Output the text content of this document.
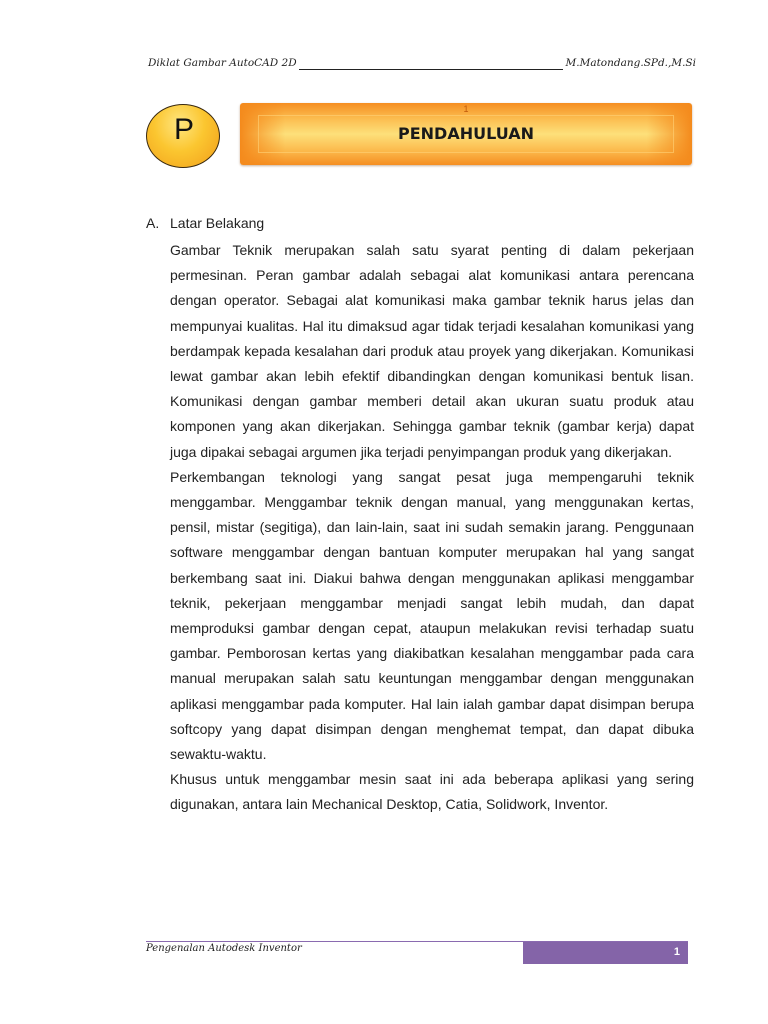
Diklat Gambar AutoCAD 2D	M.Matondang.SPd.,M.Si
P
1
PENDAHULUAN
A. Latar Belakang

Gambar Teknik merupakan salah satu syarat penting di dalam pekerjaan permesinan. Peran gambar adalah sebagai alat komunikasi antara perencana dengan operator. Sebagai alat komunikasi maka gambar teknik harus jelas dan mempunyai kualitas. Hal itu dimaksud agar tidak terjadi kesalahan komunikasi yang berdampak kepada kesalahan dari produk atau proyek yang dikerjakan. Komunikasi lewat gambar akan lebih efektif dibandingkan dengan komunikasi bentuk lisan. Komunikasi dengan gambar memberi detail akan ukuran suatu produk atau komponen yang akan dikerjakan. Sehingga gambar teknik (gambar kerja) dapat juga dipakai sebagai argumen jika terjadi penyimpangan produk yang dikerjakan.

Perkembangan teknologi yang sangat pesat juga mempengaruhi teknik menggambar. Menggambar teknik dengan manual, yang menggunakan kertas, pensil, mistar (segitiga), dan lain-lain, saat ini sudah semakin jarang. Penggunaan software menggambar dengan bantuan komputer merupakan hal yang sangat berkembang saat ini. Diakui bahwa dengan menggunakan aplikasi menggambar teknik, pekerjaan menggambar menjadi sangat lebih mudah, dan dapat memproduksi gambar dengan cepat, ataupun melakukan revisi terhadap suatu gambar. Pemborosan kertas yang diakibatkan kesalahan menggambar pada cara manual merupakan salah satu keuntungan menggambar dengan menggunakan aplikasi menggambar pada komputer. Hal lain ialah gambar dapat disimpan berupa softcopy yang dapat disimpan dengan menghemat tempat, dan dapat dibuka sewaktu-waktu.

Khusus untuk menggambar mesin saat ini ada beberapa aplikasi yang sering digunakan, antara lain Mechanical Desktop, Catia, Solidwork, Inventor.

Pengenalan Autodesk Inventor	1
